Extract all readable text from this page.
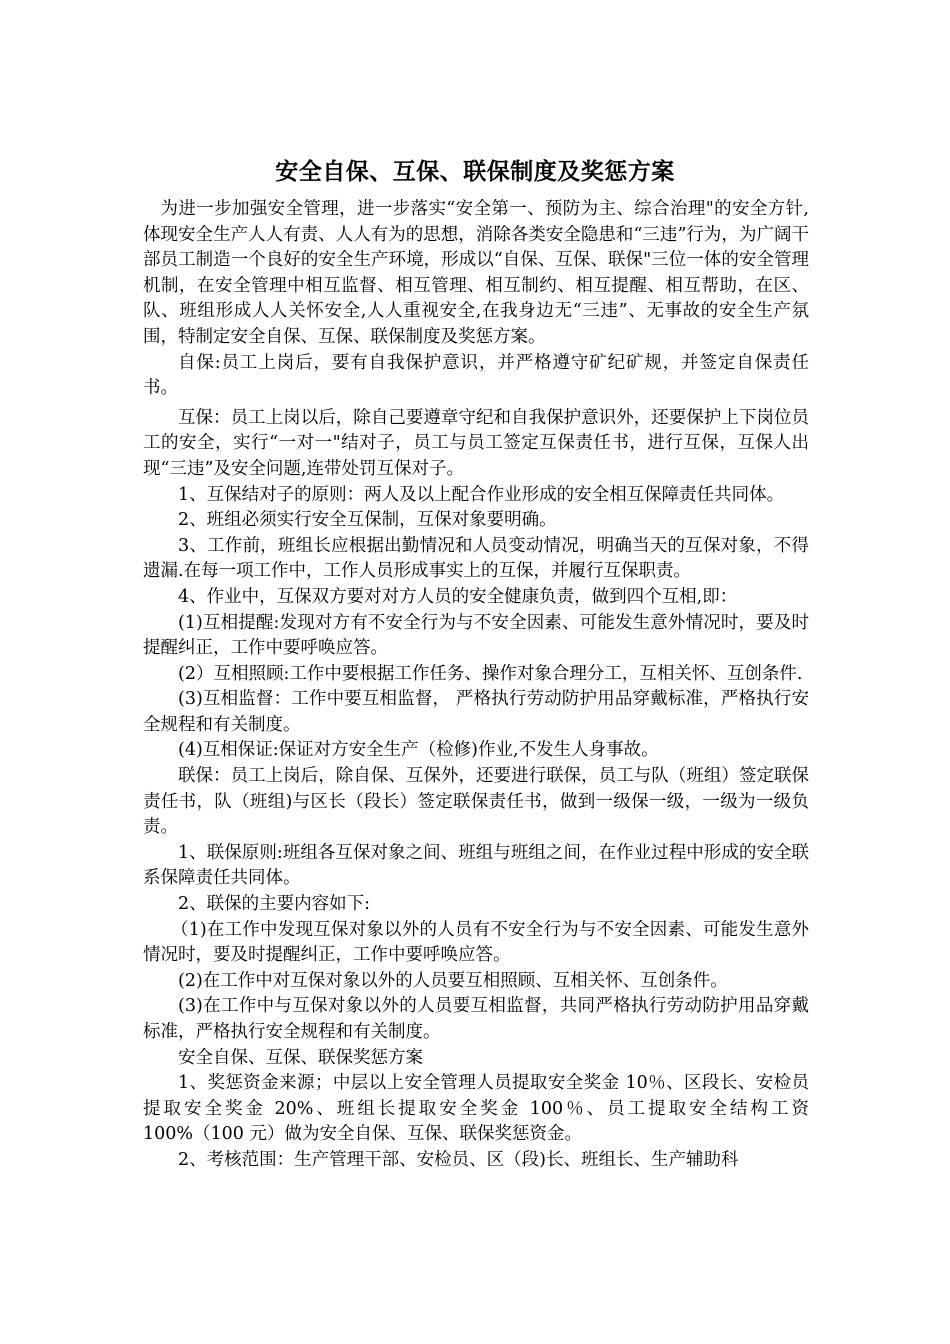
安全自保、互保、联保制度及奖惩方案

为进一步加强安全管理，进一步落实“安全第一、预防为主、综合治理"的安全方针,体现安全生产人人有责、人人有为的思想，消除各类安全隐患和“三违”行为，为广阔干部员工制造一个良好的安全生产环境，形成以“自保、互保、联保"三位一体的安全管理机制，在安全管理中相互监督、相互管理、相互制约、相互提醒、相互帮助，在区、队、班组形成人人关怀安全,人人重视安全,在我身边无“三违”、无事故的安全生产氛围，特制定安全自保、互保、联保制度及奖惩方案。

自保:员工上岗后，要有自我保护意识，并严格遵守矿纪矿规，并签定自保责任书。

互保：员工上岗以后，除自己要遵章守纪和自我保护意识外，还要保护上下岗位员工的安全，实行“一对一"结对子，员工与员工签定互保责任书，进行互保，互保人出现“三违”及安全问题,连带处罚互保对子。

1、互保结对子的原则：两人及以上配合作业形成的安全相互保障责任共同体。

2、班组必须实行安全互保制，互保对象要明确。

3、工作前，班组长应根据出勤情况和人员变动情况，明确当天的互保对象，不得遗漏.在每一项工作中，工作人员形成事实上的互保，并履行互保职责。

4、作业中，互保双方要对对方人员的安全健康负责，做到四个互相,即：

(1)互相提醒:发现对方有不安全行为与不安全因素、可能发生意外情况时，要及时提醒纠正，工作中要呼唤应答。

(2）互相照顾:工作中要根据工作任务、操作对象合理分工，互相关怀、互创条件.

(3)互相监督：工作中要互相监督， 严格执行劳动防护用品穿戴标准，严格执行安全规程和有关制度。

(4)互相保证:保证对方安全生产（检修)作业,不发生人身事故。

联保：员工上岗后，除自保、互保外，还要进行联保，员工与队（班组）签定联保责任书，队（班组)与区长（段长）签定联保责任书，做到一级保一级，一级为一级负责。

1、联保原则:班组各互保对象之间、班组与班组之间，在作业过程中形成的安全联系保障责任共同体。

2、联保的主要内容如下:

（1)在工作中发现互保对象以外的人员有不安全行为与不安全因素、可能发生意外情况时，要及时提醒纠正，工作中要呼唤应答。

(2)在工作中对互保对象以外的人员要互相照顾、互相关怀、互创条件。

(3)在工作中与互保对象以外的人员要互相监督，共同严格执行劳动防护用品穿戴标准，严格执行安全规程和有关制度。

安全自保、互保、联保奖惩方案

1、奖惩资金来源；中层以上安全管理人员提取安全奖金 10％、区段长、安检员提取安全奖金 20%、班组长提取安全奖金 100％、员工提取安全结构工资 100%（100 元）做为安全自保、互保、联保奖惩资金。

2、考核范围：生产管理干部、安检员、区（段)长、班组长、生产辅助科
